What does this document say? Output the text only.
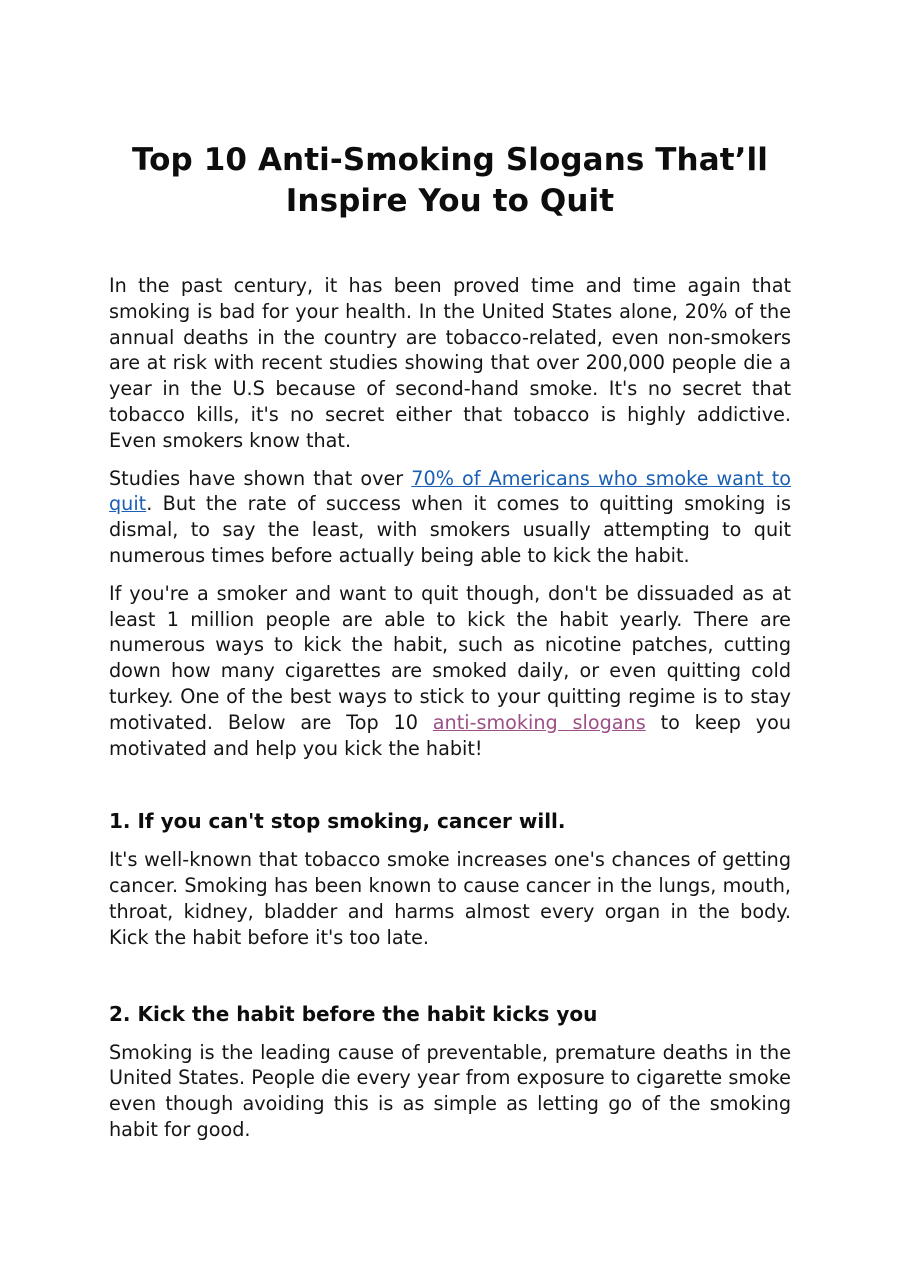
Top 10 Anti-Smoking Slogans That’ll Inspire You to Quit

In the past century, it has been proved time and time again that smoking is bad for your health. In the United States alone, 20% of the annual deaths in the country are tobacco-related, even non-smokers are at risk with recent studies showing that over 200,000 people die a year in the U.S because of second-hand smoke. It's no secret that tobacco kills, it's no secret either that tobacco is highly addictive. Even smokers know that.

Studies have shown that over 70% of Americans who smoke want to quit. But the rate of success when it comes to quitting smoking is dismal, to say the least, with smokers usually attempting to quit numerous times before actually being able to kick the habit.

If you're a smoker and want to quit though, don't be dissuaded as at least 1 million people are able to kick the habit yearly. There are numerous ways to kick the habit, such as nicotine patches, cutting down how many cigarettes are smoked daily, or even quitting cold turkey. One of the best ways to stick to your quitting regime is to stay motivated. Below are Top 10 anti-smoking slogans to keep you motivated and help you kick the habit!

1. If you can't stop smoking, cancer will.

It's well-known that tobacco smoke increases one's chances of getting cancer. Smoking has been known to cause cancer in the lungs, mouth, throat, kidney, bladder and harms almost every organ in the body. Kick the habit before it's too late.

2. Kick the habit before the habit kicks you

Smoking is the leading cause of preventable, premature deaths in the United States. People die every year from exposure to cigarette smoke even though avoiding this is as simple as letting go of the smoking habit for good.
